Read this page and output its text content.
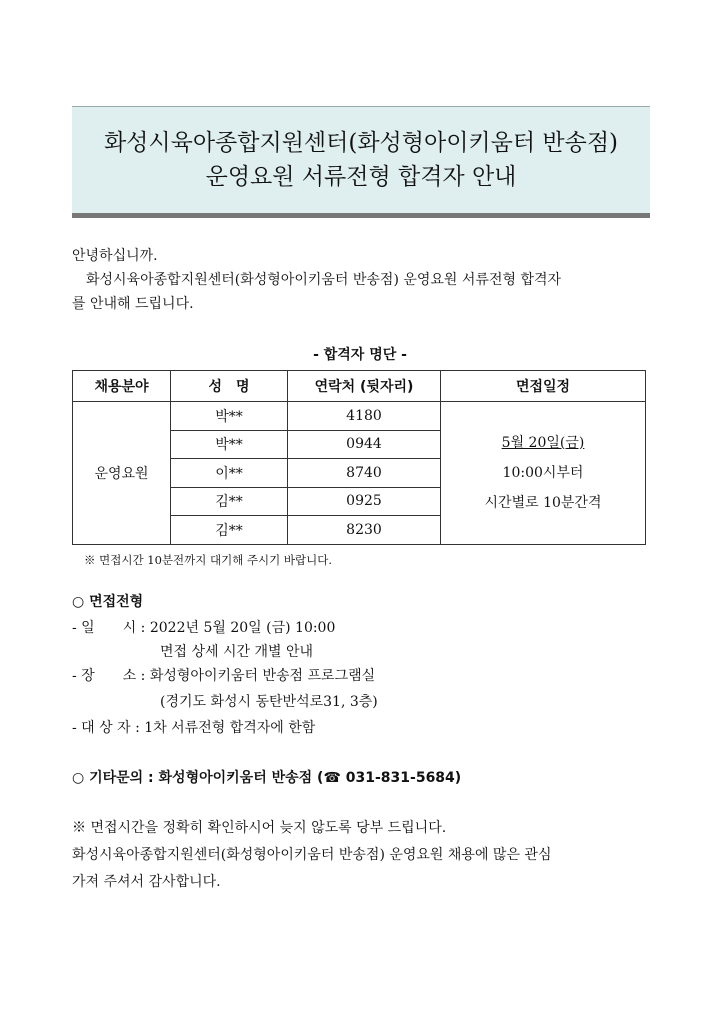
화성시육아종합지원센터(화성형아이키움터 반송점)
운영요원 서류전형 합격자 안내
안녕하십니까.
화성시육아종합지원센터(화성형아이키움터 반송점) 운영요원 서류전형 합격자
를 안내해 드립니다.
- 합격자 명단 -
채용분야	성　명	연락처 (뒷자리)	면접일정
운영요원	박**	4180	5월 20일(금)
10:00시부터
시간별로 10분간격

	박**	0944	
	이**	8740	
	김**	0925	
	김**	8230	
※ 면접시간 10분전까지 대기해 주시기 바랍니다.
○ 면접전형
- 일　　시 : 2022년 5월 20일 (금) 10:00
면접 상세 시간 개별 안내
- 장　　소 : 화성형아이키움터 반송점 프로그램실
(경기도 화성시 동탄반석로31, 3층)
- 대 상 자 : 1차 서류전형 합격자에 한함
○ 기타문의 : 화성형아이키움터 반송점 (☎ 031-831-5684)
※ 면접시간을 정확히 확인하시어 늦지 않도록 당부 드립니다.
화성시육아종합지원센터(화성형아이키움터 반송점) 운영요원 채용에 많은 관심
가져 주셔서 감사합니다.
